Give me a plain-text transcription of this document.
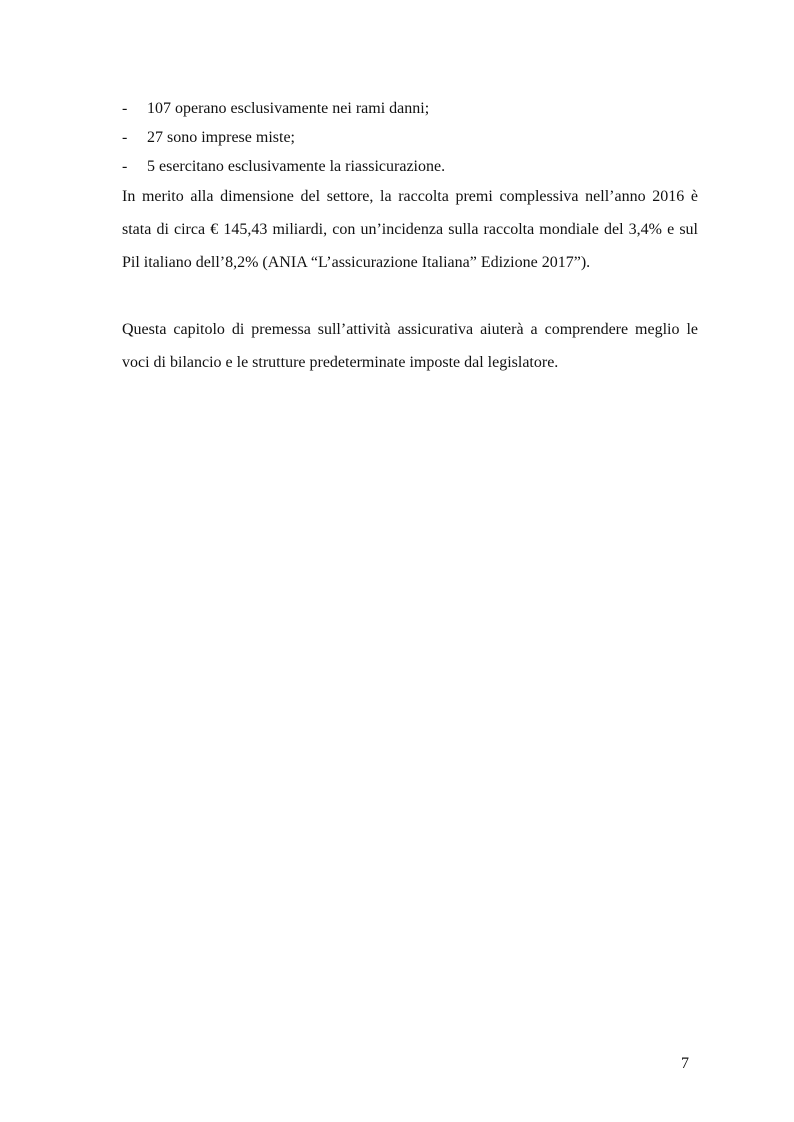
-	107 operano esclusivamente nei rami danni;
-	27 sono imprese miste;
-	5 esercitano esclusivamente la riassicurazione.

In merito alla dimensione del settore, la raccolta premi complessiva nell’anno 2016 è stata di circa € 145,43 miliardi, con un’incidenza sulla raccolta mondiale del 3,4% e sul Pil italiano dell’8,2% (ANIA “L’assicurazione Italiana” Edizione 2017”).

Questa capitolo di premessa sull’attività assicurativa aiuterà a comprendere meglio le voci di bilancio e le strutture predeterminate imposte dal legislatore.

7
